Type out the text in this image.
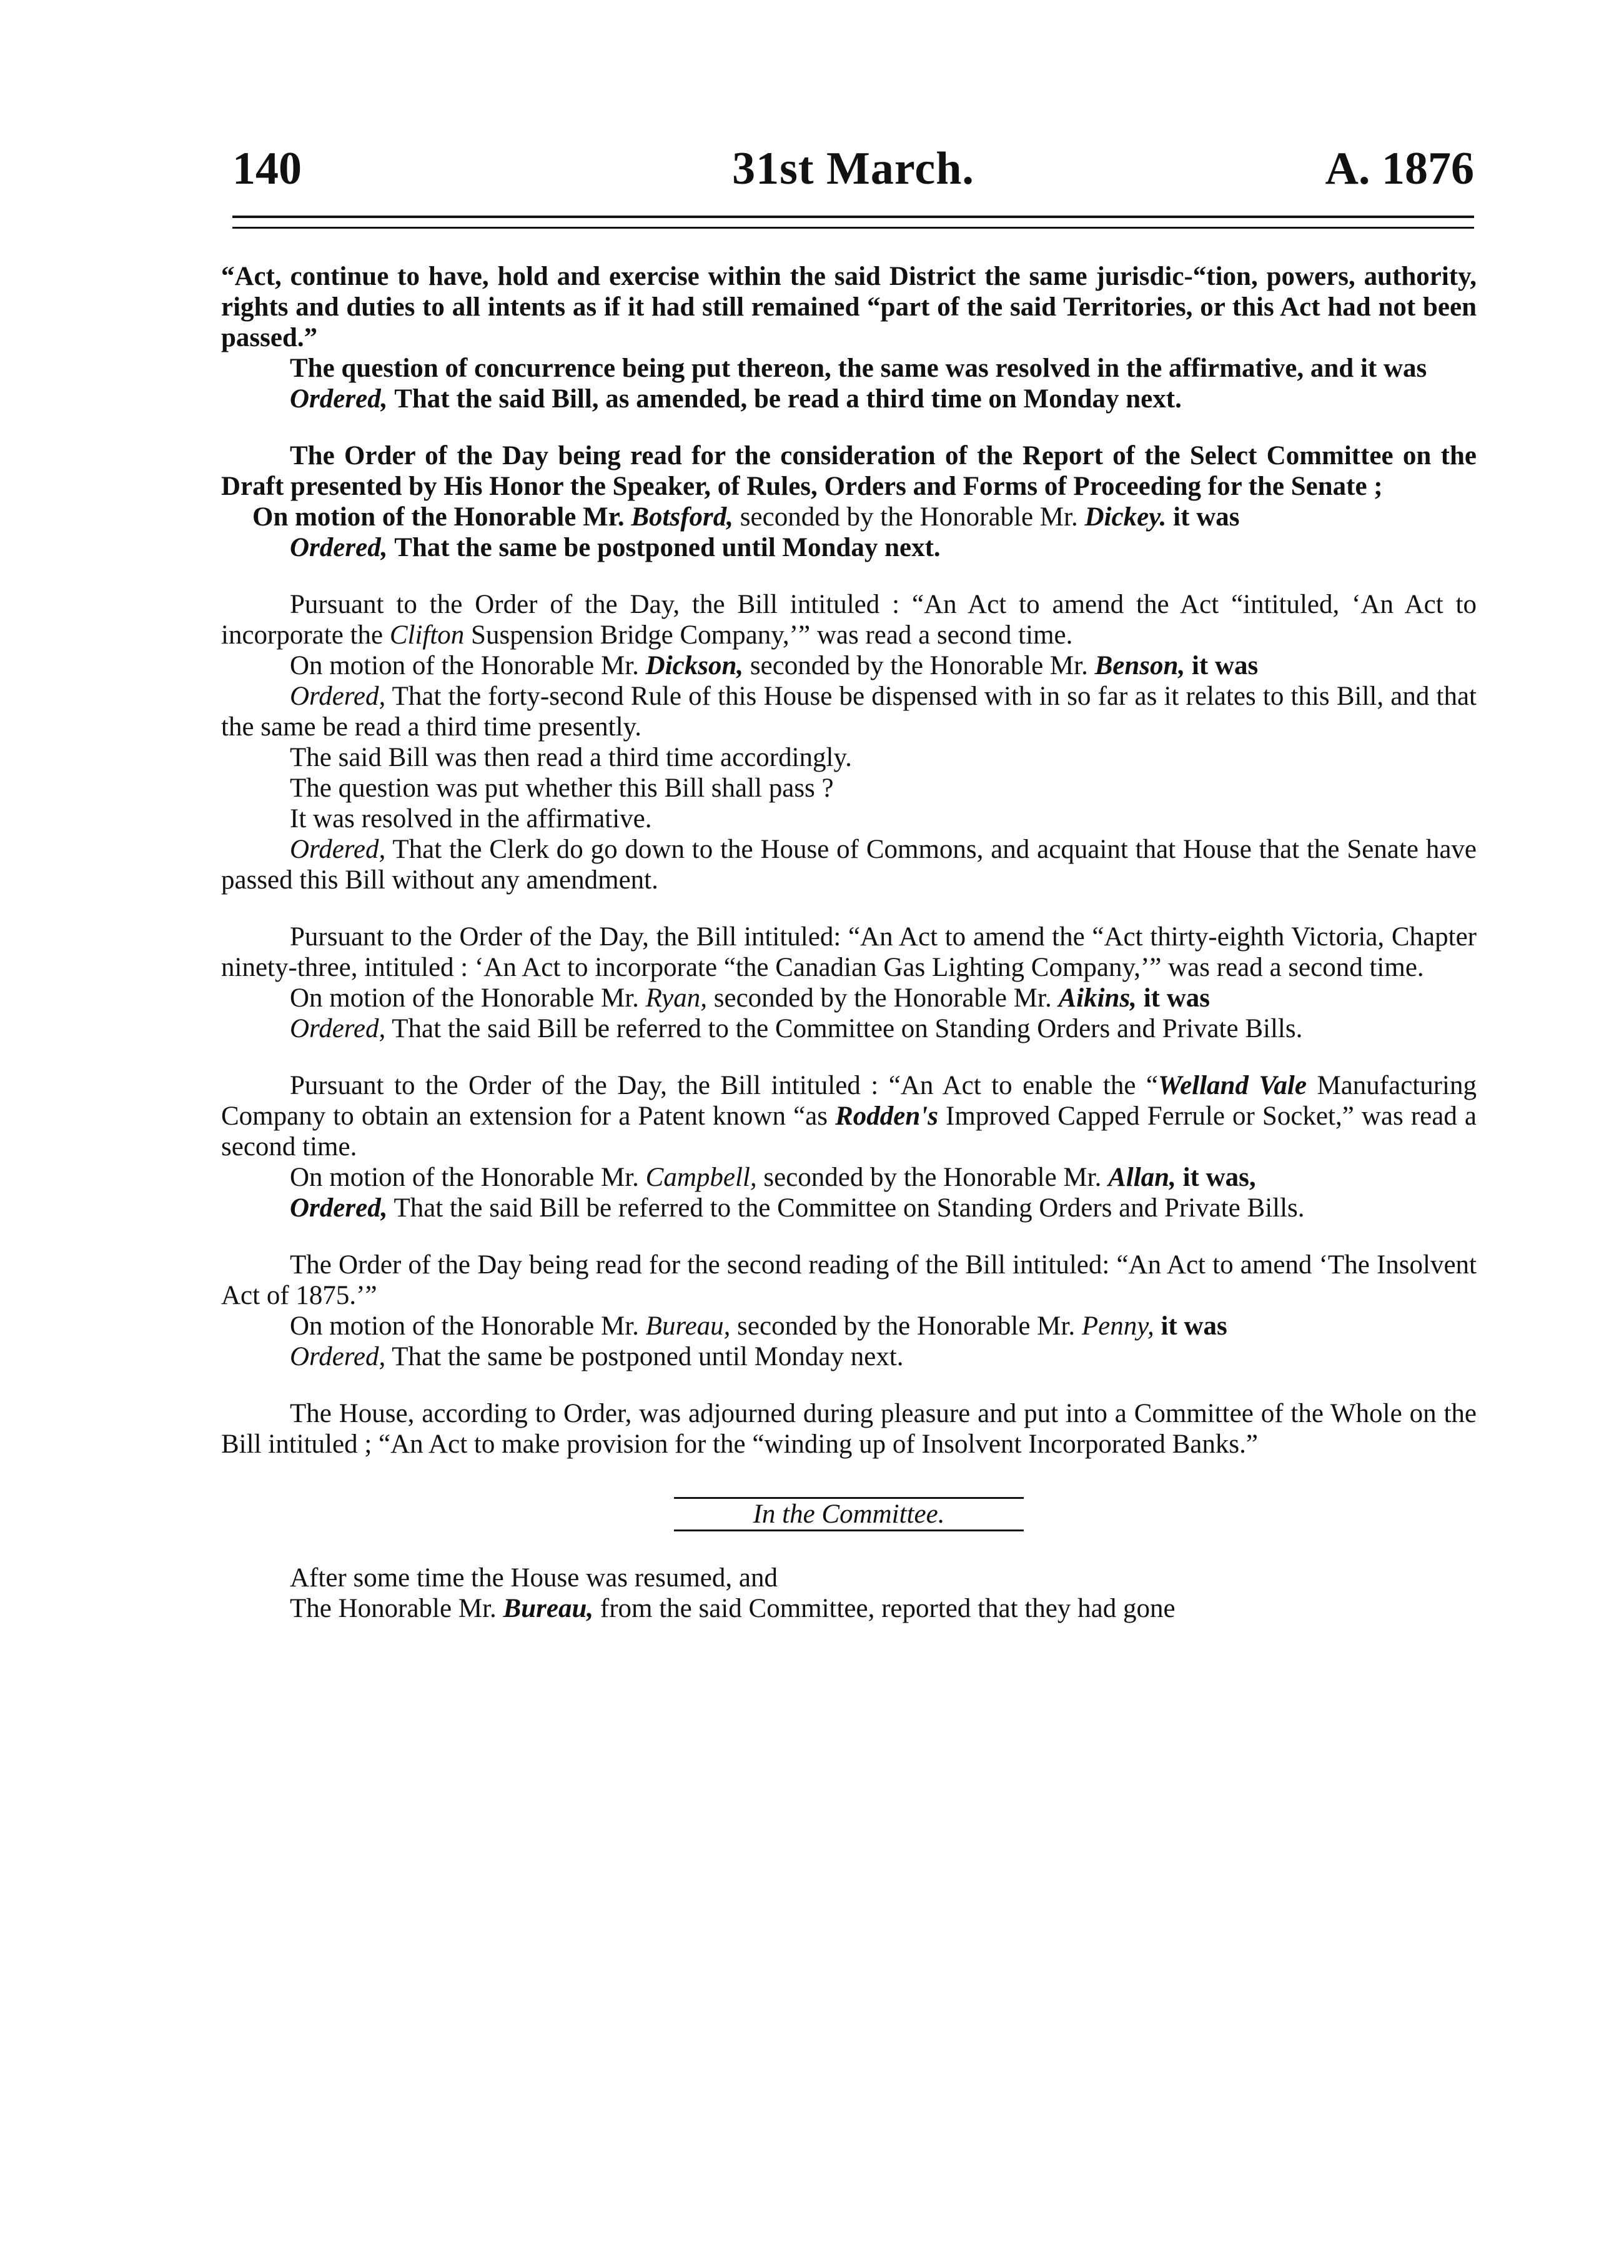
140	31st March.	A. 1876

“Act, continue to have, hold and exercise within the said District the same jurisdic-“tion, powers, authority, rights and duties to all intents as if it had still remained “part of the said Territories, or this Act had not been passed.”

The question of concurrence being put thereon, the same was resolved in the affirmative, and it was

Ordered, That the said Bill, as amended, be read a third time on Monday next.

The Order of the Day being read for the consideration of the Report of the Select Committee on the Draft presented by His Honor the Speaker, of Rules, Orders and Forms of Proceeding for the Senate ;

On motion of the Honorable Mr. Botsford, seconded by the Honorable Mr. Dickey. it was

Ordered, That the same be postponed until Monday next.

Pursuant to the Order of the Day, the Bill intituled : “An Act to amend the Act “intituled, ‘An Act to incorporate the Clifton Suspension Bridge Company,’” was read a second time.

On motion of the Honorable Mr. Dickson, seconded by the Honorable Mr. Benson, it was

Ordered, That the forty-second Rule of this House be dispensed with in so far as it relates to this Bill, and that the same be read a third time presently.

The said Bill was then read a third time accordingly.

The question was put whether this Bill shall pass ?

It was resolved in the affirmative.

Ordered, That the Clerk do go down to the House of Commons, and acquaint that House that the Senate have passed this Bill without any amendment.

Pursuant to the Order of the Day, the Bill intituled: “An Act to amend the “Act thirty-eighth Victoria, Chapter ninety-three, intituled : ‘An Act to incorporate “the Canadian Gas Lighting Company,’” was read a second time.

On motion of the Honorable Mr. Ryan, seconded by the Honorable Mr. Aikins, it was

Ordered, That the said Bill be referred to the Committee on Standing Orders and Private Bills.

Pursuant to the Order of the Day, the Bill intituled : “An Act to enable the “Welland Vale Manufacturing Company to obtain an extension for a Patent known “as Rodden's Improved Capped Ferrule or Socket,” was read a second time.

On motion of the Honorable Mr. Campbell, seconded by the Honorable Mr. Allan, it was,

Ordered, That the said Bill be referred to the Committee on Standing Orders and Private Bills.

The Order of the Day being read for the second reading of the Bill intituled: “An Act to amend ‘The Insolvent Act of 1875.’”

On motion of the Honorable Mr. Bureau, seconded by the Honorable Mr. Penny, it was

Ordered, That the same be postponed until Monday next.

The House, according to Order, was adjourned during pleasure and put into a Committee of the Whole on the Bill intituled ; “An Act to make provision for the “winding up of Insolvent Incorporated Banks.”

In the Committee.

After some time the House was resumed, and

The Honorable Mr. Bureau, from the said Committee, reported that they had gone
